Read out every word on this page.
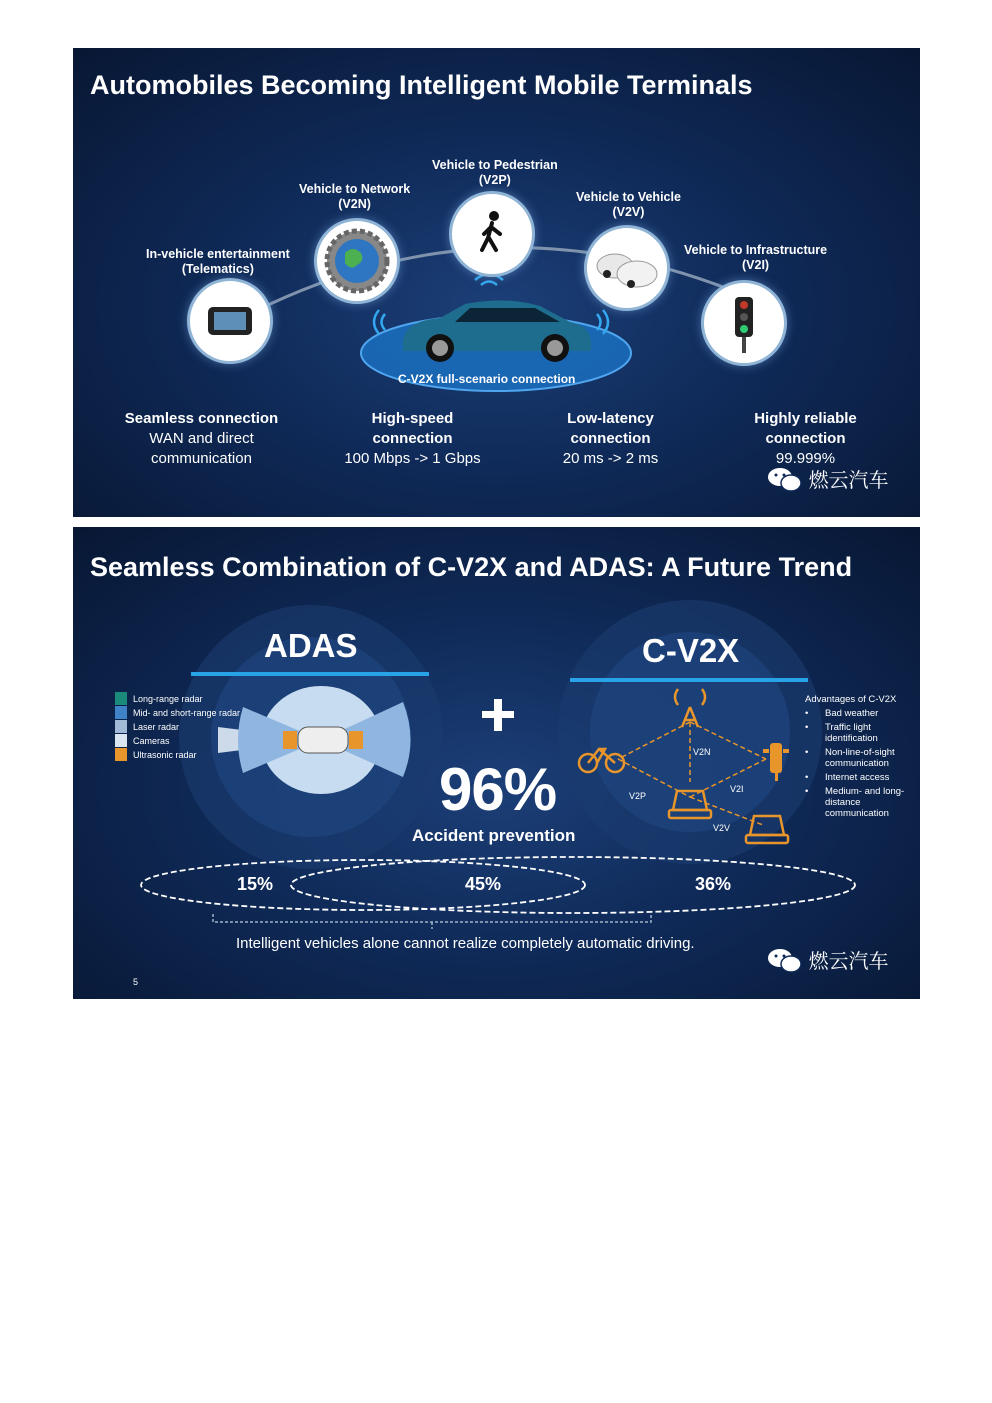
Automobiles Becoming Intelligent Mobile Terminals
C-V2X full-scenario connection
In-vehicle entertainment
(Telematics)
Vehicle to Network
(V2N)
Vehicle to Pedestrian
(V2P)
Vehicle to Vehicle
(V2V)
Vehicle to Infrastructure
(V2I)
Seamless connection
WAN and direct
communication
High-speed
connection
100 Mbps -> 1 Gbps
Low-latency
connection
20 ms -> 2 ms
Highly reliable
connection
99.999%
燃云汽车
Seamless Combination of C-V2X and ADAS: A Future Trend
ADAS	C-V2X
Long-range radar
Mid- and short-range radar
Laser radar
Cameras
Ultrasonic radar
96%
Accident prevention
V2N
V2P
V2I
V2V
Advantages of C-V2X
• Bad weather
• Traffic light
identification
• Non-line-of-sight
communication
• Internet access
• Medium- and long-
distance
communication
15%	45%	36%
Intelligent vehicles alone cannot realize completely automatic driving.
5
燃云汽车
